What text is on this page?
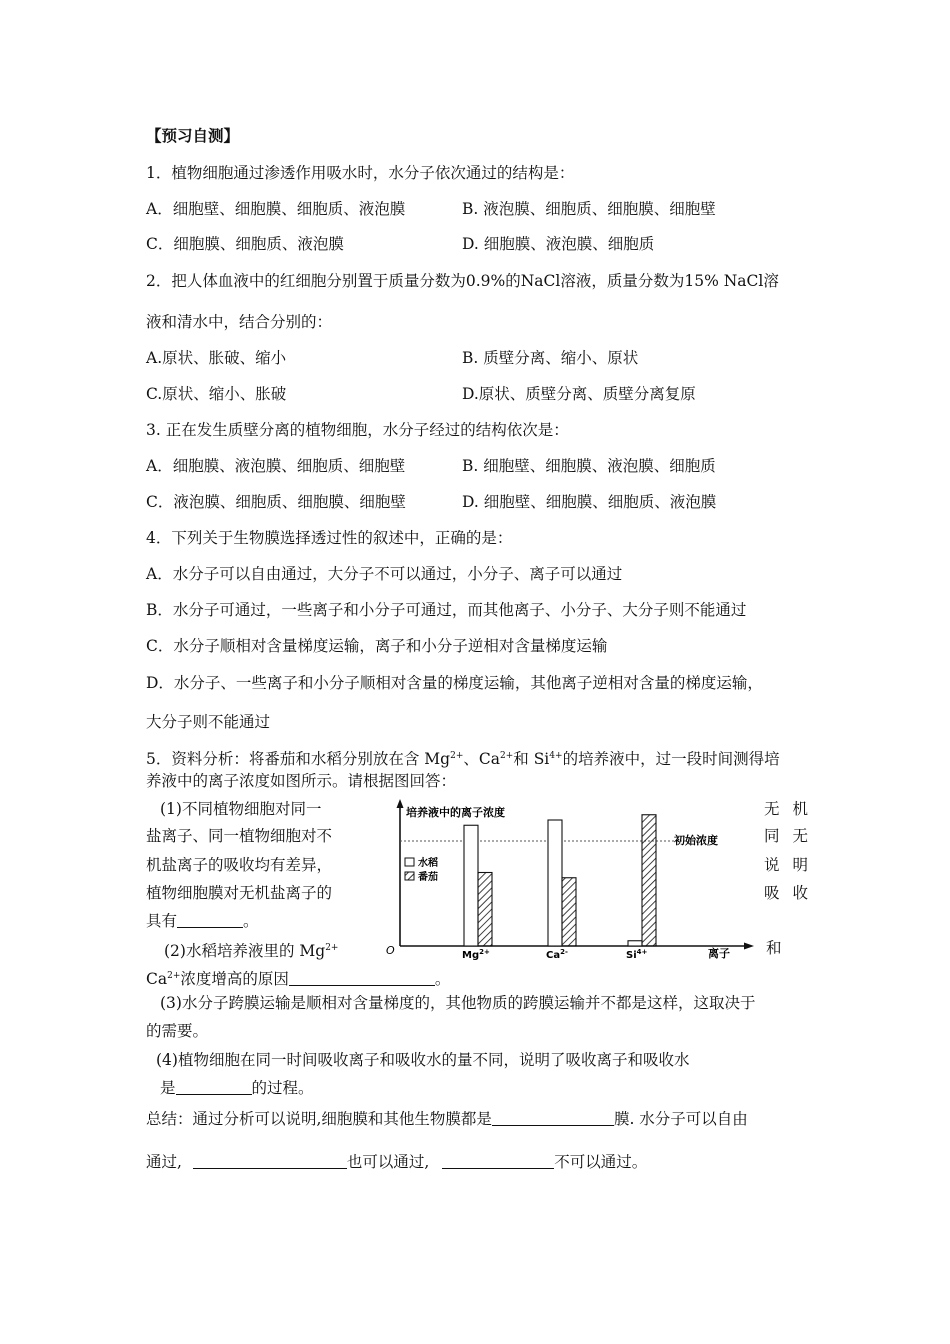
【预习自测】
1．植物细胞通过渗透作用吸水时，水分子依次通过的结构是：
A．细胞壁、细胞膜、细胞质、液泡膜	B. 液泡膜、细胞质、细胞膜、细胞壁
C．细胞膜、细胞质、液泡膜	D. 细胞膜、液泡膜、细胞质
2．把人体血液中的红细胞分别置于质量分数为0.9%的NaCl溶液，质量分数为15% NaCl溶
液和清水中，结合分别的：
A.原状、胀破、缩小	B. 质壁分离、缩小、原状
C.原状、缩小、胀破	D.原状、质壁分离、质壁分离复原
3. 正在发生质壁分离的植物细胞，水分子经过的结构依次是：
A．细胞膜、液泡膜、细胞质、细胞壁	B. 细胞壁、细胞膜、液泡膜、细胞质
C．液泡膜、细胞质、细胞膜、细胞壁	D. 细胞壁、细胞膜、细胞质、液泡膜
4．下列关于生物膜选择透过性的叙述中，正确的是：
A．水分子可以自由通过，大分子不可以通过，小分子、离子可以通过
B．水分子可通过，一些离子和小分子可通过，而其他离子、小分子、大分子则不能通过
C．水分子顺相对含量梯度运输，离子和小分子逆相对含量梯度运输
D．水分子、一些离子和小分子顺相对含量的梯度运输，其他离子逆相对含量的梯度运输，
大分子则不能通过
5．资料分析：将番茄和水稻分别放在含 $Mg^{2+}$、$Ca^{2+}$和 $Si^{4+}$的培养液中，过一段时间测得培
养液中的离子浓度如图所示。请根据图回答：
(1)不同植物细胞对同一	无 机
盐离子、同一植物细胞对不	同 无
机盐离子的吸收均有差异，	说 明
植物细胞膜对无机盐离子的	吸 收
具有	。
(2)水稻培养液里的 $Mg^{2+}$	和
$Ca^{2+}$浓度增高的原因	。
(3)水分子跨膜运输是顺相对含量梯度的，其他物质的跨膜运输并不都是这样，这取决于
的需要。
(4)植物细胞在同一时间吸收离子和吸收水的量不同，说明了吸收离子和吸收水
是	的过程。
总结：通过分析可以说明,细胞膜和其他生物膜都是	膜. 水分子可以自由
通过,	也可以通过,	不可以通过。
培养液中的离子浓度
初始浓度
O	离子
水稻
番茄
$Mg^{2+}$	$Ca^{2-}$	$Si^{4+}$
